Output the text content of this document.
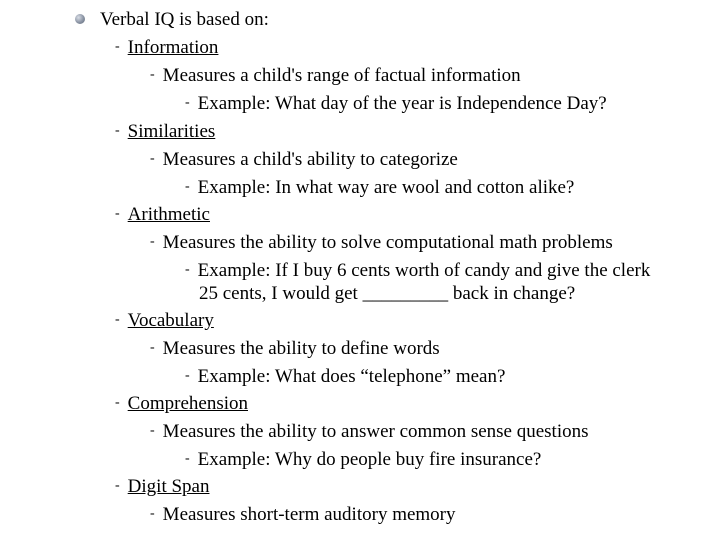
Verbal IQ is based on:
- Information
- Measures a child's range of factual information
- Example: What day of the year is Independence Day?
- Similarities
- Measures a child's ability to categorize
- Example: In what way are wool and cotton alike?
- Arithmetic
- Measures the ability to solve computational math problems
- Example: If I buy 6 cents worth of candy and give the clerk
25 cents, I would get _________ back in change?
- Vocabulary
- Measures the ability to define words
- Example: What does “telephone” mean?
- Comprehension
- Measures the ability to answer common sense questions
- Example: Why do people buy fire insurance?
- Digit Span
- Measures short-term auditory memory
